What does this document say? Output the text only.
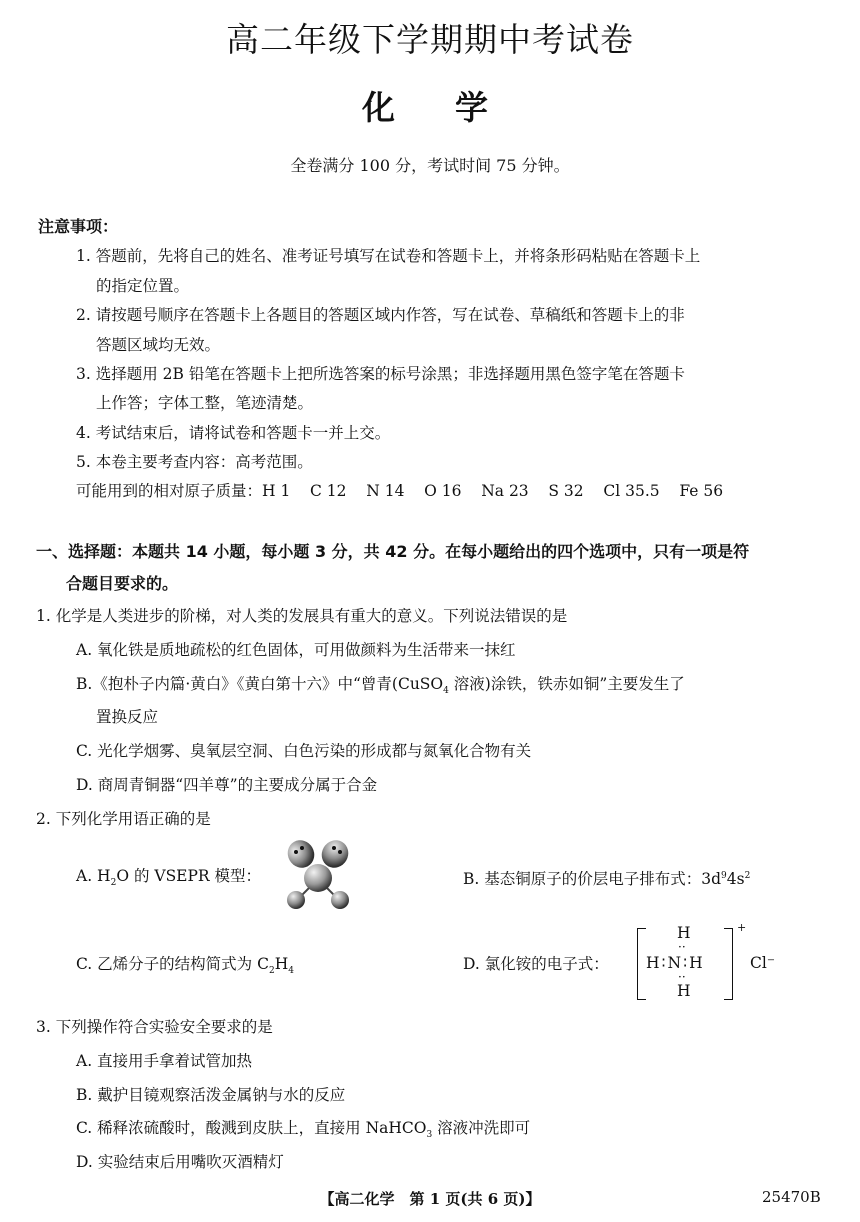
高二年级下学期期中考试卷
化学
全卷满分 100 分，考试时间 75 分钟。
注意事项：
1. 答题前，先将自己的姓名、准考证号填写在试卷和答题卡上，并将条形码粘贴在答题卡上
的指定位置。
2. 请按题号顺序在答题卡上各题目的答题区域内作答，写在试卷、草稿纸和答题卡上的非
答题区域均无效。
3. 选择题用 2B 铅笔在答题卡上把所选答案的标号涂黑；非选择题用黑色签字笔在答题卡
上作答；字体工整，笔迹清楚。
4. 考试结束后，请将试卷和答题卡一并上交。
5. 本卷主要考查内容：高考范围。
可能用到的相对原子质量：H 1    C 12    N 14    O 16    Na 23    S 32    Cl 35.5    Fe 56
一、选择题：本题共 14 小题，每小题 3 分，共 42 分。在每小题给出的四个选项中，只有一项是符
合题目要求的。
1. 化学是人类进步的阶梯，对人类的发展具有重大的意义。下列说法错误的是
A. 氧化铁是质地疏松的红色固体，可用做颜料为生活带来一抹红
B.《抱朴子内篇·黄白》《黄白第十六》中“曾青(CuSO$_4$ 溶液)涂铁，铁赤如铜”主要发生了
置换反应
C. 光化学烟雾、臭氧层空洞、白色污染的形成都与氮氧化合物有关
D. 商周青铜器“四羊尊”的主要成分属于合金
2. 下列化学用语正确的是
A. $H_2O$ 的 VSEPR 模型：	B. 基态铜原子的价层电子排布式：$3d^94s^2$
C. 乙烯分子的结构简式为 $C_2H_4$	D. 氯化铵的电子式：
H
··
H∶N∶H
··
H
+
Cl⁻
3. 下列操作符合实验安全要求的是
A. 直接用手拿着试管加热
B. 戴护目镜观察活泼金属钠与水的反应
C. 稀释浓硫酸时，酸溅到皮肤上，直接用 NaHCO$_3$ 溶液冲洗即可
D. 实验结束后用嘴吹灭酒精灯
【高二化学　第 1 页(共 6 页)】	25470B
